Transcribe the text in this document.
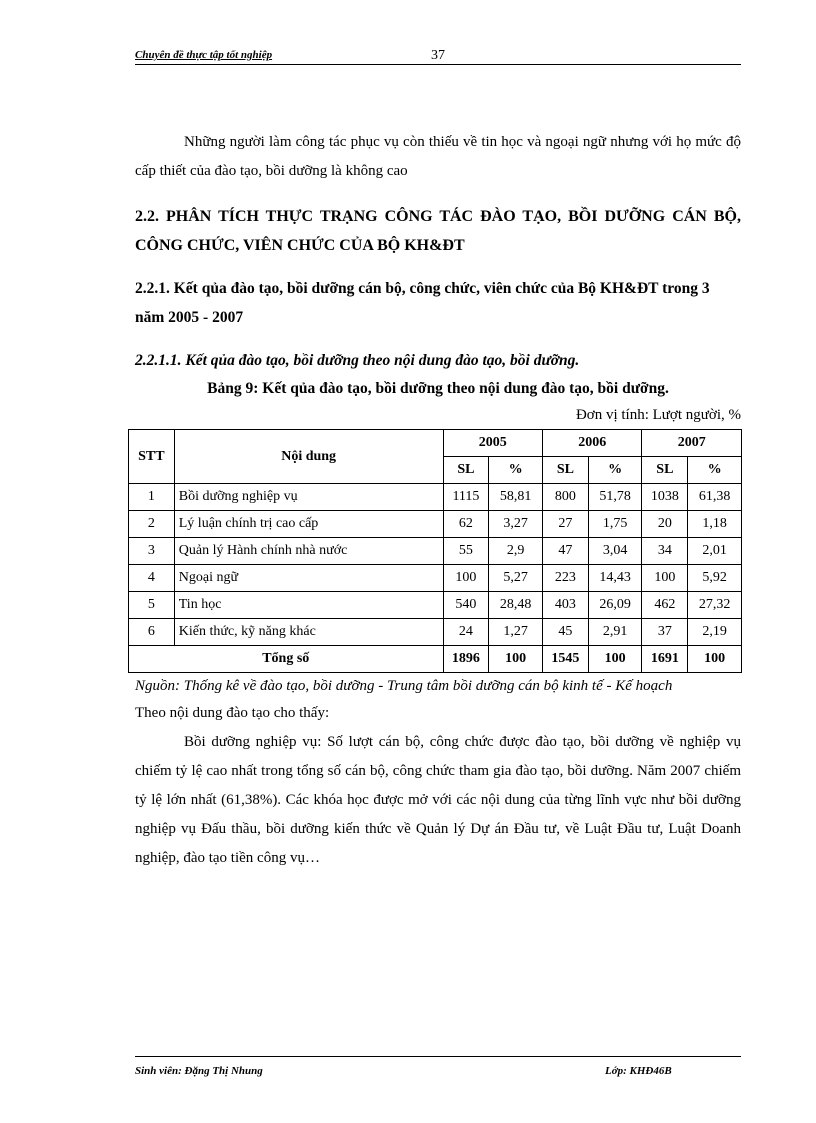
Chuyên đề thực tập tốt nghiệp	37

Những người làm công tác phục vụ còn thiếu về tin học và ngoại ngữ nhưng với họ mức độ cấp thiết của đào tạo, bồi dưỡng là không cao

2.2. PHÂN TÍCH THỰC TRẠNG CÔNG TÁC ĐÀO TẠO, BỒI DƯỠNG CÁN BỘ, CÔNG CHỨC, VIÊN CHỨC CỦA BỘ KH&ĐT

2.2.1. Kết qủa đào tạo, bồi dưỡng cán bộ, công chức, viên chức của Bộ KH&ĐT trong 3 năm 2005 - 2007

2.2.1.1. Kết qủa đào tạo, bồi dưỡng theo nội dung đào tạo, bồi dưỡng.

Bảng 9: Kết qủa đào tạo, bồi dưỡng theo nội dung đào tạo, bồi dưỡng.

Đơn vị tính: Lượt người, %

STT	Nội dung	2005		2006		2007	
		SL	%	SL	%	SL	%
1	Bồi dưỡng nghiệp vụ	1115	58,81	800	51,78	1038	61,38
2	Lý luận chính trị cao cấp	62	3,27	27	1,75	20	1,18
3	Quản lý Hành chính nhà nước	55	2,9	47	3,04	34	2,01
4	Ngoại ngữ	100	5,27	223	14,43	100	5,92
5	Tin học	540	28,48	403	26,09	462	27,32
6	Kiến thức, kỹ năng khác	24	1,27	45	2,91	37	2,19
Tổng số		1896	100	1545	100	1691	100

Nguồn: Thống kê về đào tạo, bồi dưỡng - Trung tâm bồi dưỡng cán bộ kinh tế - Kế hoạch

Theo nội dung đào tạo cho thấy:

Bồi dưỡng nghiệp vụ: Số lượt cán bộ, công chức được đào tạo, bồi dưỡng về nghiệp vụ chiếm tỷ lệ cao nhất trong tổng số cán bộ, công chức tham gia đào tạo, bồi dưỡng. Năm 2007 chiếm tỷ lệ lớn nhất (61,38%). Các khóa học được mở với các nội dung của từng lĩnh vực như bồi dưỡng nghiệp vụ Đấu thầu, bồi dưỡng kiến thức về Quản lý Dự án Đầu tư, về Luật Đầu tư, Luật Doanh nghiệp, đào tạo tiền công vụ…

Sinh viên: Đặng Thị Nhung	Lớp: KHĐ46B
